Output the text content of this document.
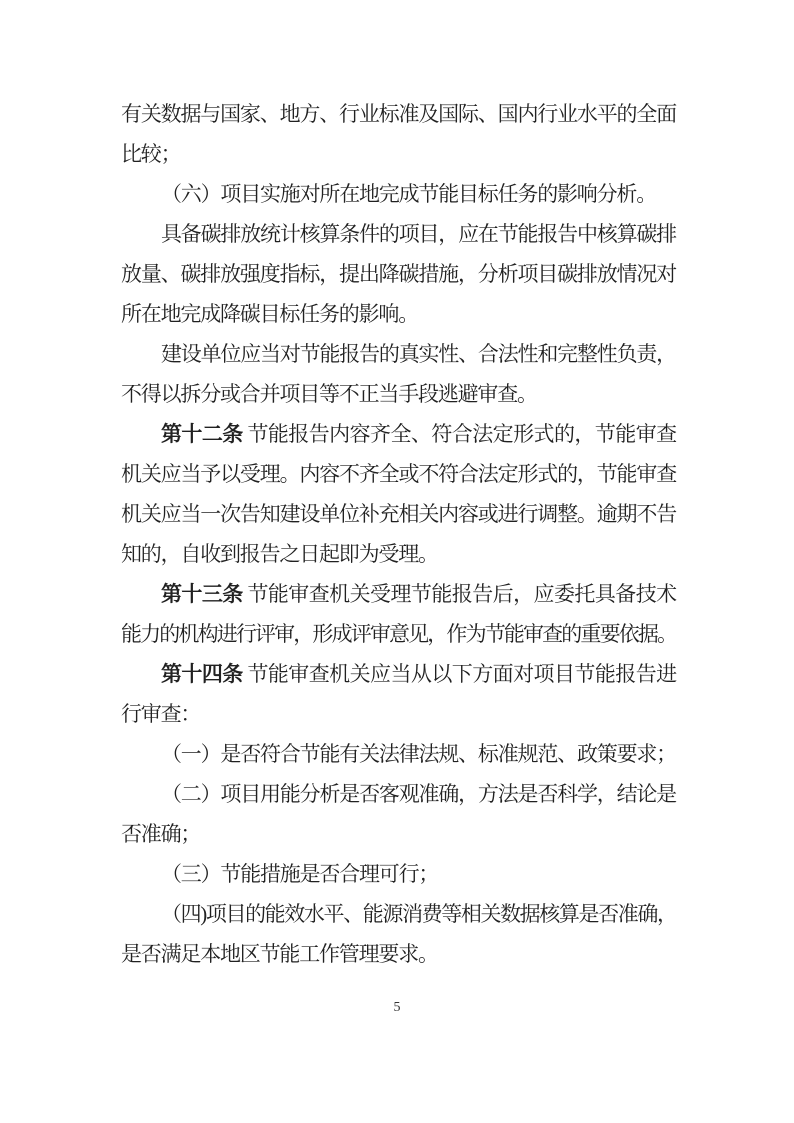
有关数据与国家、地方、行业标准及国际、国内行业水平的全面
比较；
（六）项目实施对所在地完成节能目标任务的影响分析。
具备碳排放统计核算条件的项目，应在节能报告中核算碳排
放量、碳排放强度指标，提出降碳措施，分析项目碳排放情况对
所在地完成降碳目标任务的影响。
建设单位应当对节能报告的真实性、合法性和完整性负责，
不得以拆分或合并项目等不正当手段逃避审查。
第十二条 节能报告内容齐全、符合法定形式的，节能审查
机关应当予以受理。内容不齐全或不符合法定形式的，节能审查
机关应当一次告知建设单位补充相关内容或进行调整。逾期不告
知的，自收到报告之日起即为受理。
第十三条 节能审查机关受理节能报告后，应委托具备技术
能力的机构进行评审，形成评审意见，作为节能审查的重要依据。
第十四条 节能审查机关应当从以下方面对项目节能报告进
行审查：
（一）是否符合节能有关法律法规、标准规范、政策要求；
（二）项目用能分析是否客观准确，方法是否科学，结论是
否准确；
（三）节能措施是否合理可行；
（四)项目的能效水平、能源消费等相关数据核算是否准确，
是否满足本地区节能工作管理要求。
5
